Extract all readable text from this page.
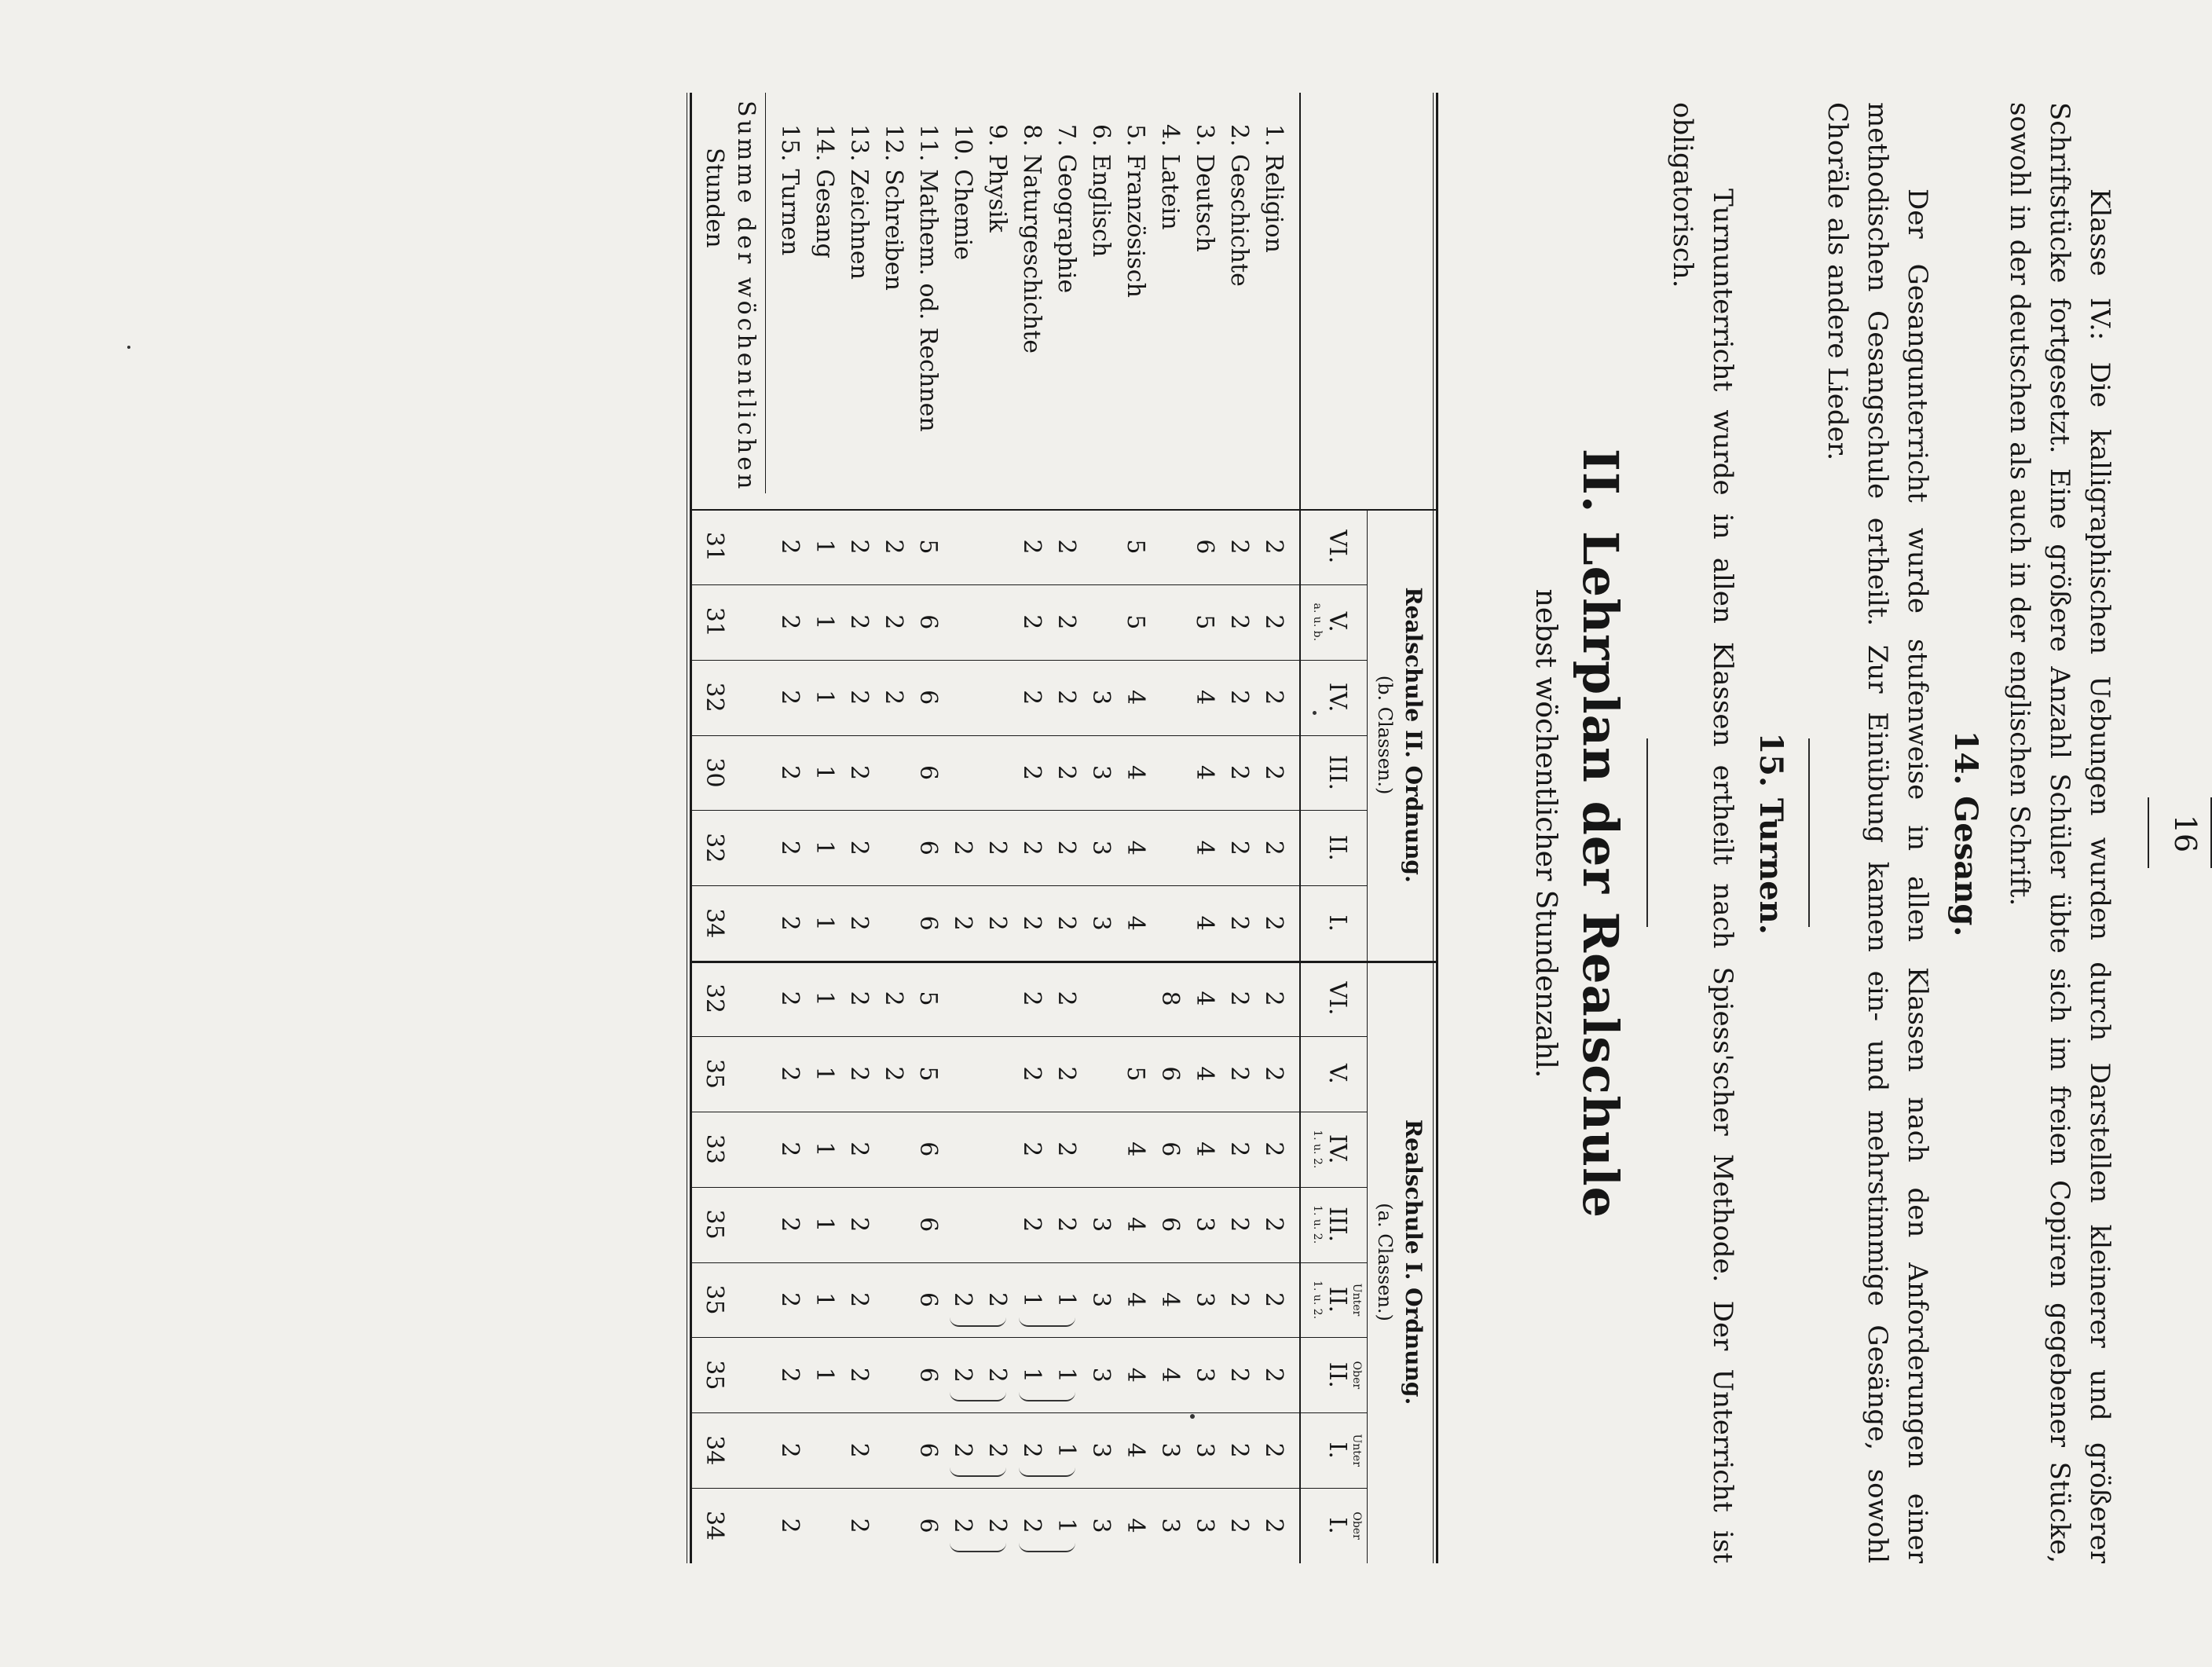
16
Klasse IV.: Die kalligraphischen Uebungen wurden durch Darstellen kleinerer und größerer Schriftstücke fortgesetzt. Eine größere Anzahl Schüler übte sich im freien Copiren gegebener Stücke, sowohl in der deutschen als auch in der englischen Schrift.
14. Gesang.
Der Gesangunterricht wurde stufenweise in allen Klassen nach den Anforderungen einer methodischen Gesangschule ertheilt. Zur Einübung kamen ein- und mehrstimmige Gesänge, sowohl Choräle als andere Lieder.
15. Turnen.
Turnunterricht wurde in allen Klassen ertheilt nach Spiess'scher Methode. Der Unterricht ist obligatorisch.
II. Lehrplan der Realschule
nebst wöchentlicher Stundenzahl.
Realschule II. Ordnung.
(b. Classen.)
Realschule I. Ordnung.
(a. Classen.)
VI.
V.
a. u. b.
IV.
III.
II.
I.
VI.
V.
IV.
1. u. 2.
III.
1. u. 2.
Unter
II.
1. u. 2.
Ober
II.
Unter
I.
Ober
I.
1. Religion
2
2
2
2
2
2
2
2
2
2
2
2
2
2
2. Geschichte
2
2
2
2
2
2
2
2
2
2
2
2
2
2
3. Deutsch
6
5
4
4
4
4
4
4
4
3
3
3
3
3
4. Latein
8
6
6
6
4
4
3
3
5. Französisch
5
5
4
4
4
4
5
4
4
4
4
4
4
6. Englisch
3
3
3
3
3
3
3
3
3
7. Geographie
2
2
2
2
2
2
2
2
2
2
1
1
1
1
8. Naturgeschichte
2
2
2
2
2
2
2
2
2
2
1
1
2
2
9. Physik
2
2
2
2
2
2
10. Chemie
2
2
2
2
2
2
11. Mathem. od. Rechnen
5
6
6
6
6
6
5
5
6
6
6
6
6
6
12. Schreiben
2
2
2
2
2
13. Zeichnen
2
2
2
2
2
2
2
2
2
2
2
2
2
2
14. Gesang
1
1
1
1
1
1
1
1
1
1
1
1
15. Turnen
2
2
2
2
2
2
2
2
2
2
2
2
2
2
Summe der wöchentlichen
Stunden
31
31
32
30
32
34
32
35
33
35
35
35
34
34
